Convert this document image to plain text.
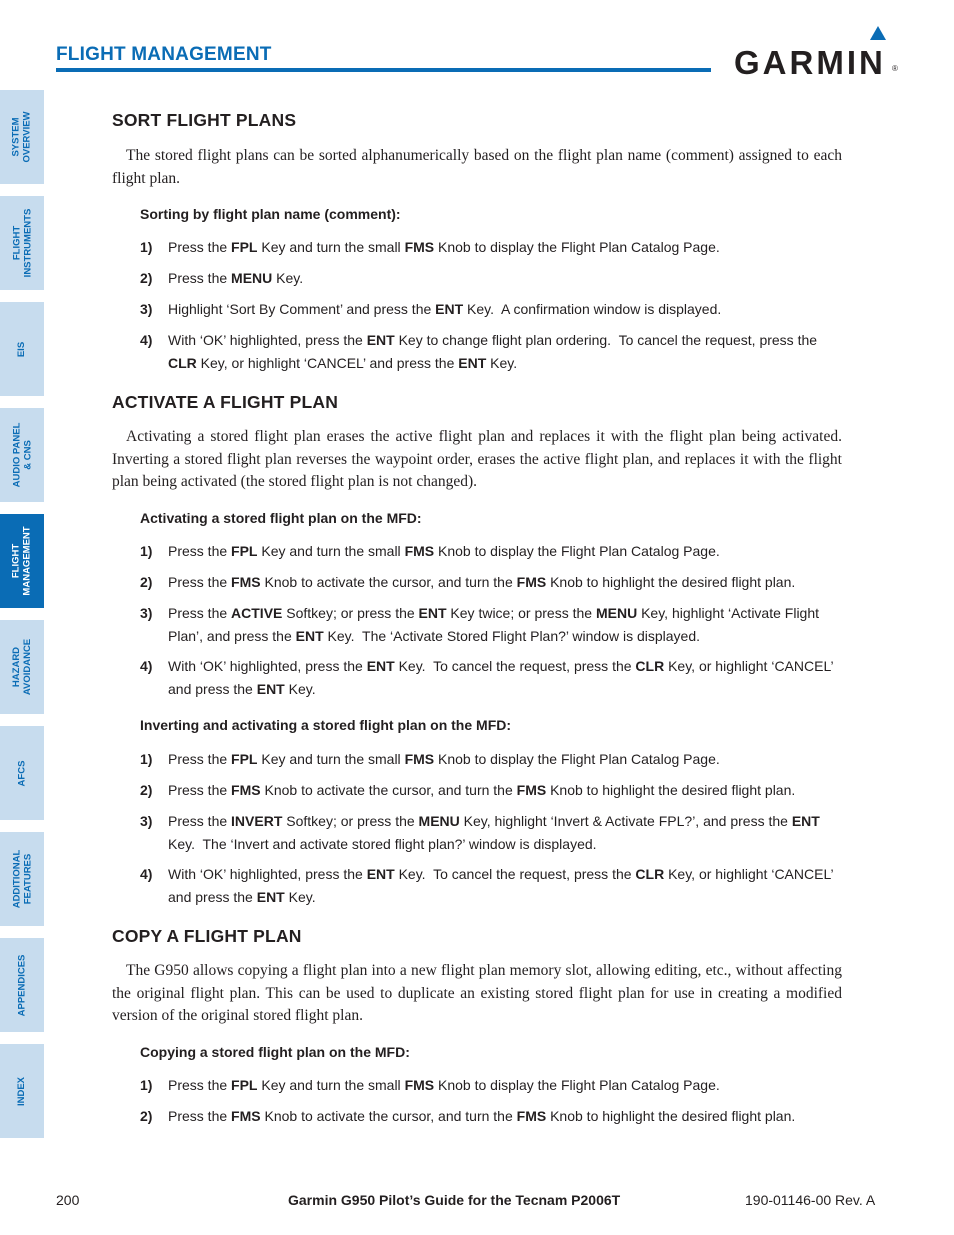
FLIGHT MANAGEMENT	GARMIN ®
SYSTEM
OVERVIEW
FLIGHT
INSTRUMENTS
EIS
AUDIO PANEL
& CNS
FLIGHT
MANAGEMENT
HAZARD
AVOIDANCE
AFCS
ADDITIONAL
FEATURES
APPENDICES
INDEX
SORT FLIGHT PLANS

The stored flight plans can be sorted alphanumerically based on the flight plan name (comment) assigned to each flight plan.

Sorting by flight plan name (comment):
1)	Press the FPL Key and turn the small FMS Knob to display the Flight Plan Catalog Page.
2)	Press the MENU Key.
3)	Highlight ‘Sort By Comment’ and press the ENT Key.  A confirmation window is displayed.
4)	With ‘OK’ highlighted, press the ENT Key to change flight plan ordering.  To cancel the request, press the CLR Key, or highlight ‘CANCEL’ and press the ENT Key.
ACTIVATE A FLIGHT PLAN

Activating a stored flight plan erases the active flight plan and replaces it with the flight plan being activated. Inverting a stored flight plan reverses the waypoint order, erases the active flight plan, and replaces it with the flight plan being activated (the stored flight plan is not changed).

Activating a stored flight plan on the MFD:
1)	Press the FPL Key and turn the small FMS Knob to display the Flight Plan Catalog Page.
2)	Press the FMS Knob to activate the cursor, and turn the FMS Knob to highlight the desired flight plan.
3)	Press the ACTIVE Softkey; or press the ENT Key twice; or press the MENU Key, highlight ‘Activate Flight Plan’, and press the ENT Key.  The ‘Activate Stored Flight Plan?’ window is displayed.
4)	With ‘OK’ highlighted, press the ENT Key.  To cancel the request, press the CLR Key, or highlight ‘CANCEL’ and press the ENT Key.
Inverting and activating a stored flight plan on the MFD:
1)	Press the FPL Key and turn the small FMS Knob to display the Flight Plan Catalog Page.
2)	Press the FMS Knob to activate the cursor, and turn the FMS Knob to highlight the desired flight plan.
3)	Press the INVERT Softkey; or press the MENU Key, highlight ‘Invert & Activate FPL?’, and press the ENT Key.  The ‘Invert and activate stored flight plan?’ window is displayed.
4)	With ‘OK’ highlighted, press the ENT Key.  To cancel the request, press the CLR Key, or highlight ‘CANCEL’ and press the ENT Key.
COPY A FLIGHT PLAN

The G950 allows copying a flight plan into a new flight plan memory slot, allowing editing, etc., without affecting the original flight plan. This can be used to duplicate an existing stored flight plan for use in creating a modified version of the original stored flight plan.

Copying a stored flight plan on the MFD:
1)	Press the FPL Key and turn the small FMS Knob to display the Flight Plan Catalog Page.
2)	Press the FMS Knob to activate the cursor, and turn the FMS Knob to highlight the desired flight plan.
200	Garmin G950 Pilot’s Guide for the Tecnam P2006T	190-01146-00 Rev. A
